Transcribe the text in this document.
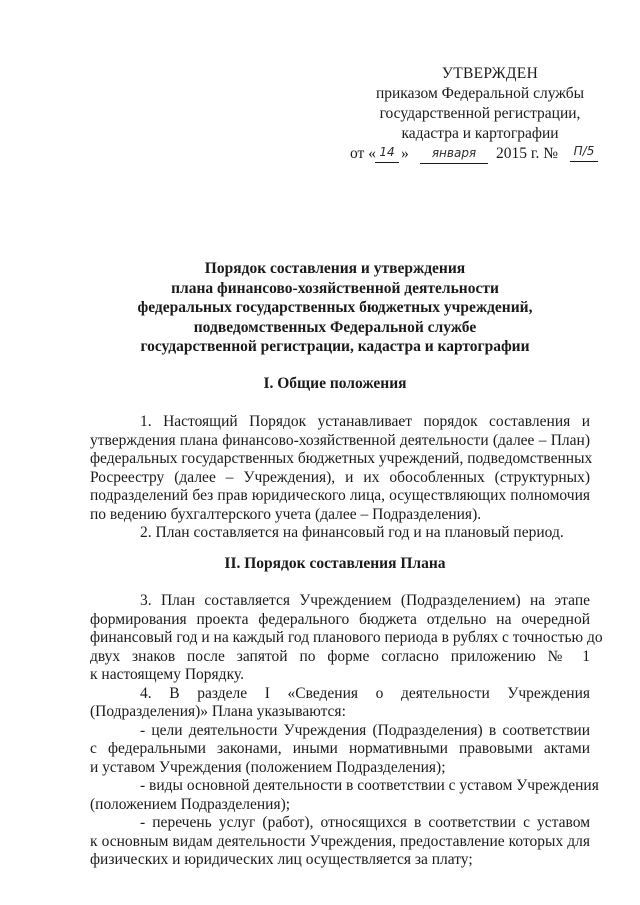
УТВЕРЖДЕН
приказом Федеральной службы
государственной регистрации,
кадастра и картографии
от « 14 »	января	2015 г. №	П/5
Порядок составления и утверждения
плана финансово-хозяйственной деятельности
федеральных государственных бюджетных учреждений,
подведомственных Федеральной службе
государственной регистрации, кадастра и картографии
I. Общие положения
1. Настоящий Порядок устанавливает порядок составления и
утверждения плана финансово-хозяйственной деятельности (далее – План)
федеральных государственных бюджетных учреждений, подведомственных
Росреестру (далее – Учреждения), и их обособленных (структурных)
подразделений без прав юридического лица, осуществляющих полномочия
по ведению бухгалтерского учета (далее – Подразделения).
2. План составляется на финансовый год и на плановый период.
II. Порядок составления Плана
3. План составляется Учреждением (Подразделением) на этапе
формирования проекта федерального бюджета отдельно на очередной
финансовый год и на каждый год планового периода в рублях с точностью до
двух знаков после запятой по форме согласно приложению № 1
к настоящему Порядку.
4. В разделе I «Сведения о деятельности Учреждения
(Подразделения)» Плана указываются:
- цели деятельности Учреждения (Подразделения) в соответствии
с федеральными законами, иными нормативными правовыми актами
и уставом Учреждения (положением Подразделения);
- виды основной деятельности в соответствии с уставом Учреждения
(положением Подразделения);
- перечень услуг (работ), относящихся в соответствии с уставом
к основным видам деятельности Учреждения, предоставление которых для
физических и юридических лиц осуществляется за плату;
